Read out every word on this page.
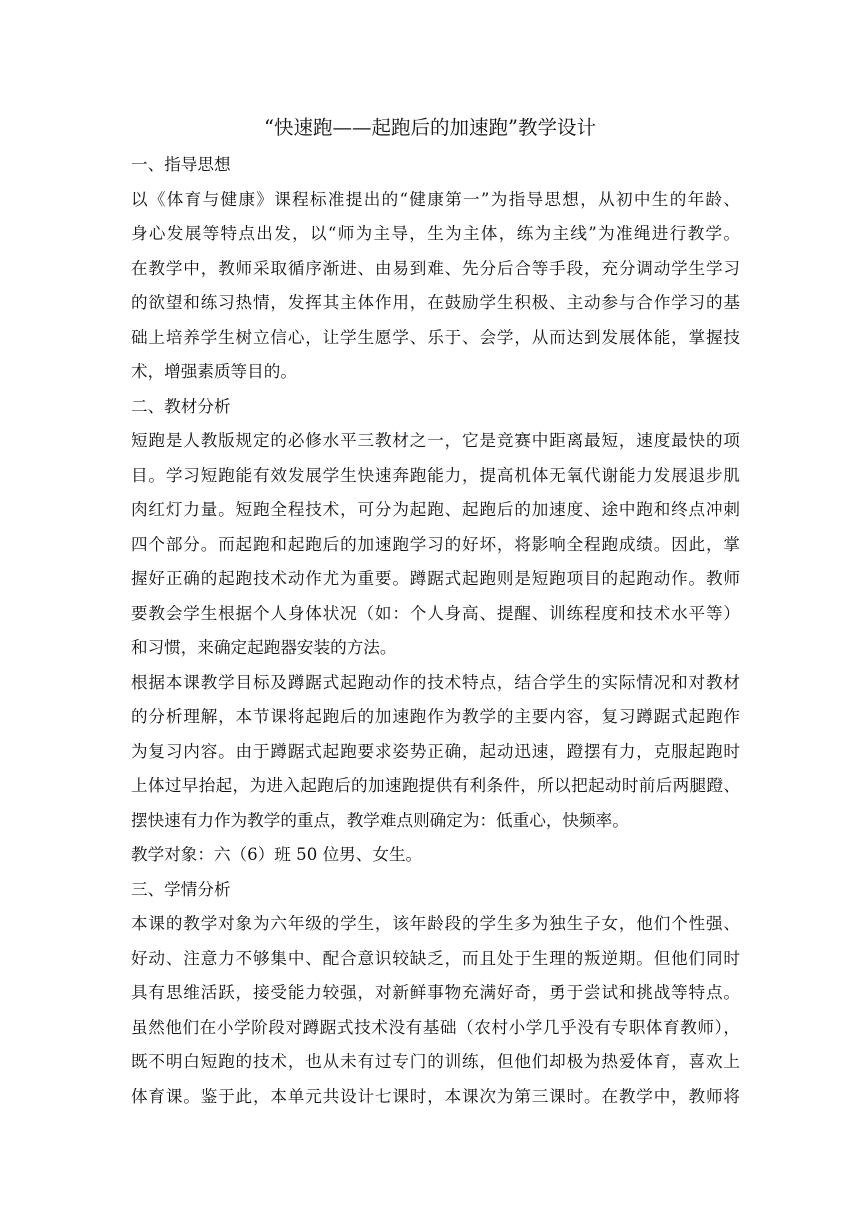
“快速跑——起跑后的加速跑”教学设计
一、指导思想
以《体育与健康》课程标准提出的“健康第一”为指导思想，从初中生的年龄、
身心发展等特点出发，以“师为主导，生为主体，练为主线”为准绳进行教学。
在教学中，教师采取循序渐进、由易到难、先分后合等手段，充分调动学生学习
的欲望和练习热情，发挥其主体作用，在鼓励学生积极、主动参与合作学习的基
础上培养学生树立信心，让学生愿学、乐于、会学，从而达到发展体能，掌握技
术，增强素质等目的。
二、教材分析
短跑是人教版规定的必修水平三教材之一，它是竞赛中距离最短，速度最快的项
目。学习短跑能有效发展学生快速奔跑能力，提高机体无氧代谢能力发展退步肌
肉红灯力量。短跑全程技术，可分为起跑、起跑后的加速度、途中跑和终点冲刺
四个部分。而起跑和起跑后的加速跑学习的好坏，将影响全程跑成绩。因此，掌
握好正确的起跑技术动作尤为重要。蹲踞式起跑则是短跑项目的起跑动作。教师
要教会学生根据个人身体状况（如：个人身高、提醒、训练程度和技术水平等）
和习惯，来确定起跑器安装的方法。
根据本课教学目标及蹲踞式起跑动作的技术特点，结合学生的实际情况和对教材
的分析理解，本节课将起跑后的加速跑作为教学的主要内容，复习蹲踞式起跑作
为复习内容。由于蹲踞式起跑要求姿势正确，起动迅速，蹬摆有力，克服起跑时
上体过早抬起，为进入起跑后的加速跑提供有利条件，所以把起动时前后两腿蹬、
摆快速有力作为教学的重点，教学难点则确定为：低重心，快频率。
教学对象：六（6）班 50 位男、女生。
三、学情分析
本课的教学对象为六年级的学生，该年龄段的学生多为独生子女，他们个性强、
好动、注意力不够集中、配合意识较缺乏，而且处于生理的叛逆期。但他们同时
具有思维活跃，接受能力较强，对新鲜事物充满好奇，勇于尝试和挑战等特点。
虽然他们在小学阶段对蹲踞式技术没有基础（农村小学几乎没有专职体育教师），
既不明白短跑的技术，也从未有过专门的训练，但他们却极为热爱体育，喜欢上
体育课。鉴于此，本单元共设计七课时，本课次为第三课时。在教学中，教师将
